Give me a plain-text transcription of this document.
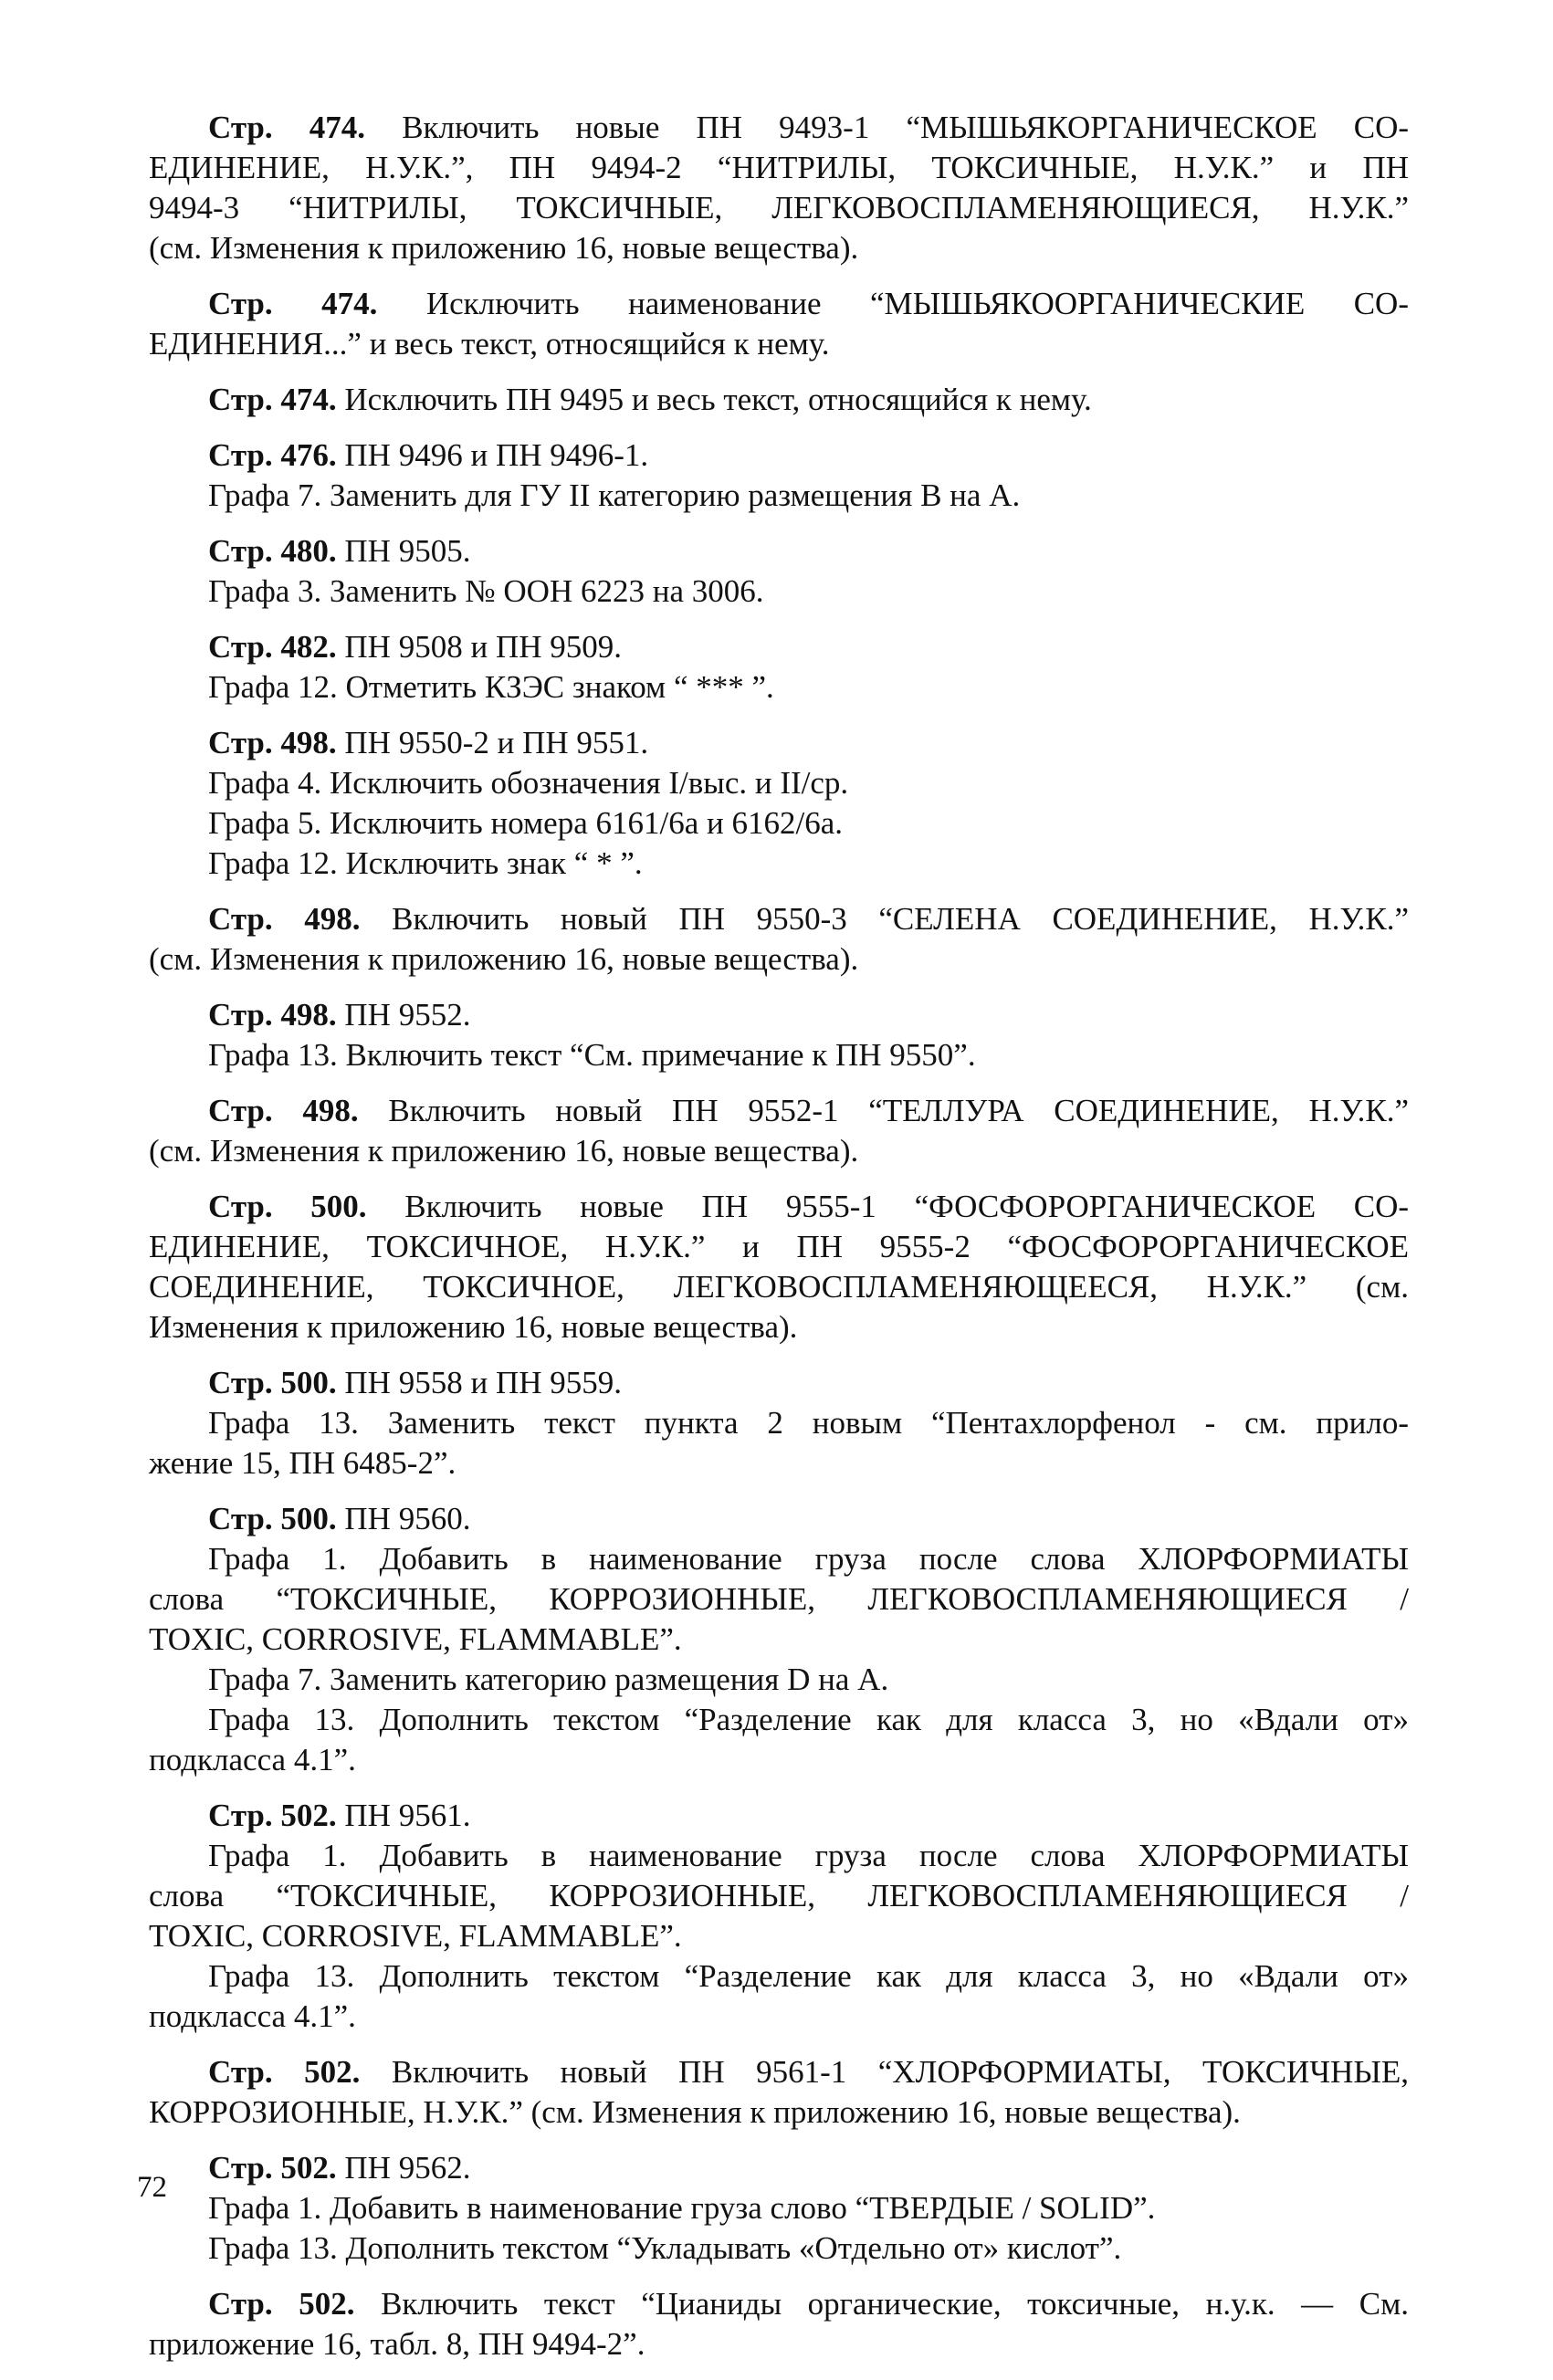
Стр. 474. Включить новые ПН 9493-1 “МЫШЬЯКОРГАНИЧЕСКОЕ СО-
ЕДИНЕНИЕ, Н.У.К.”, ПН 9494-2 “НИТРИЛЫ, ТОКСИЧНЫЕ, Н.У.К.” и ПН
9494-3 “НИТРИЛЫ, ТОКСИЧНЫЕ, ЛЕГКОВОСПЛАМЕНЯЮЩИЕСЯ, Н.У.К.”
(см. Изменения к приложению 16, новые вещества).
Стр. 474. Исключить наименование “МЫШЬЯКООРГАНИЧЕСКИЕ СО-
ЕДИНЕНИЯ...” и весь текст, относящийся к нему.
Стр. 474. Исключить ПН 9495 и весь текст, относящийся к нему.
Стр. 476. ПН 9496 и ПН 9496-1.
Графа 7. Заменить для ГУ II категорию размещения В на А.
Стр. 480. ПН 9505.
Графа 3. Заменить № ООН 6223 на 3006.
Стр. 482. ПН 9508 и ПН 9509.
Графа 12. Отметить КЗЭС знаком “ *** ”.
Стр. 498. ПН 9550-2 и ПН 9551.
Графа 4. Исключить обозначения I/выс. и II/ср.
Графа 5. Исключить номера 6161/6а и 6162/6а.
Графа 12. Исключить знак “ * ”.
Стр. 498. Включить новый ПН 9550-3 “СЕЛЕНА СОЕДИНЕНИЕ, Н.У.К.”
(см. Изменения к приложению 16, новые вещества).
Стр. 498. ПН 9552.
Графа 13. Включить текст “См. примечание к ПН 9550”.
Стр. 498. Включить новый ПН 9552-1 “ТЕЛЛУРА СОЕДИНЕНИЕ, Н.У.К.”
(см. Изменения к приложению 16, новые вещества).
Стр. 500. Включить новые ПН 9555-1 “ФОСФОРОРГАНИЧЕСКОЕ СО-
ЕДИНЕНИЕ, ТОКСИЧНОЕ, Н.У.К.” и ПН 9555-2 “ФОСФОРОРГАНИЧЕСКОЕ
СОЕДИНЕНИЕ, ТОКСИЧНОЕ, ЛЕГКОВОСПЛАМЕНЯЮЩЕЕСЯ, Н.У.К.” (см.
Изменения к приложению 16, новые вещества).
Стр. 500. ПН 9558 и ПН 9559.
Графа 13. Заменить текст пункта 2 новым “Пентахлорфенол - см. прило-
жение 15, ПН 6485-2”.
Стр. 500. ПН 9560.
Графа 1. Добавить в наименование груза после слова ХЛОРФОРМИАТЫ
слова “ТОКСИЧНЫЕ, КОРРОЗИОННЫЕ, ЛЕГКОВОСПЛАМЕНЯЮЩИЕСЯ /
TOXIC, CORROSIVE, FLAMMABLE”.
Графа 7. Заменить категорию размещения D на А.
Графа 13. Дополнить текстом “Разделение как для класса 3, но «Вдали от»
подкласса 4.1”.
Стр. 502. ПН 9561.
Графа 1. Добавить в наименование груза после слова ХЛОРФОРМИАТЫ
слова “ТОКСИЧНЫЕ, КОРРОЗИОННЫЕ, ЛЕГКОВОСПЛАМЕНЯЮЩИЕСЯ /
TOXIC, CORROSIVE, FLAMMABLE”.
Графа 13. Дополнить текстом “Разделение как для класса 3, но «Вдали от»
подкласса 4.1”.
Стр. 502. Включить новый ПН 9561-1 “ХЛОРФОРМИАТЫ, ТОКСИЧНЫЕ,
КОРРОЗИОННЫЕ, Н.У.К.” (см. Изменения к приложению 16, новые вещества).
Стр. 502. ПН 9562.
Графа 1. Добавить в наименование груза слово “ТВЕРДЫЕ / SOLID”.
Графа 13. Дополнить текстом “Укладывать «Отдельно от» кислот”.
Стр. 502. Включить текст “Цианиды органические, токсичные, н.у.к. — См.
приложение 16, табл. 8, ПН 9494-2”.
72
